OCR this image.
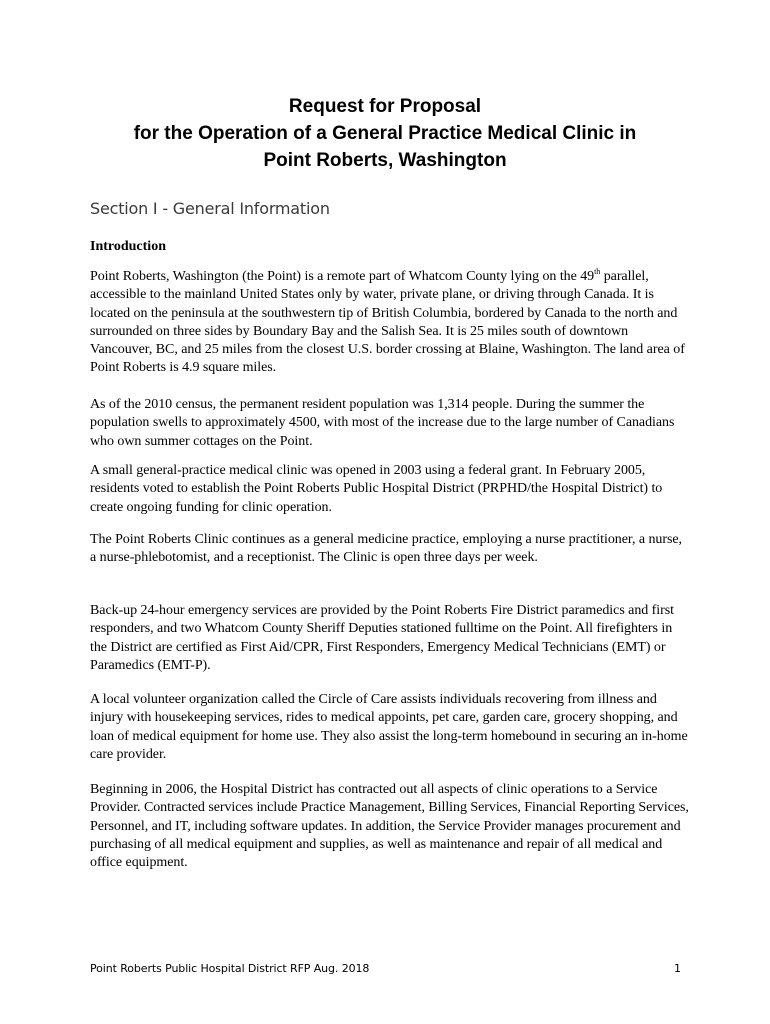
Request for Proposal
for the Operation of a General Practice Medical Clinic in
Point Roberts, Washington
Section I - General Information
Introduction

Point Roberts, Washington (the Point) is a remote part of Whatcom County lying on the 49th parallel, accessible to the mainland United States only by water, private plane, or driving through Canada. It is located on the peninsula at the southwestern tip of British Columbia, bordered by Canada to the north and surrounded on three sides by Boundary Bay and the Salish Sea. It is 25 miles south of downtown Vancouver, BC, and 25 miles from the closest U.S. border crossing at Blaine, Washington. The land area of Point Roberts is 4.9 square miles.

As of the 2010 census, the permanent resident population was 1,314 people. During the summer the population swells to approximately 4500, with most of the increase due to the large number of Canadians who own summer cottages on the Point.

A small general-practice medical clinic was opened in 2003 using a federal grant. In February 2005, residents voted to establish the Point Roberts Public Hospital District (PRPHD/the Hospital District) to create ongoing funding for clinic operation.

The Point Roberts Clinic continues as a general medicine practice, employing a nurse practitioner, a nurse, a nurse-phlebotomist, and a receptionist. The Clinic is open three days per week.

Back-up 24-hour emergency services are provided by the Point Roberts Fire District paramedics and first responders, and two Whatcom County Sheriff Deputies stationed fulltime on the Point. All firefighters in the District are certified as First Aid/CPR, First Responders, Emergency Medical Technicians (EMT) or Paramedics (EMT-P).

A local volunteer organization called the Circle of Care assists individuals recovering from illness and injury with housekeeping services, rides to medical appoints, pet care, garden care, grocery shopping, and loan of medical equipment for home use. They also assist the long-term homebound in securing an in-home care provider.

Beginning in 2006, the Hospital District has contracted out all aspects of clinic operations to a Service Provider. Contracted services include Practice Management, Billing Services, Financial Reporting Services, Personnel, and IT, including software updates. In addition, the Service Provider manages procurement and purchasing of all medical equipment and supplies, as well as maintenance and repair of all medical and office equipment.

Point Roberts Public Hospital District RFP Aug. 2018	1
